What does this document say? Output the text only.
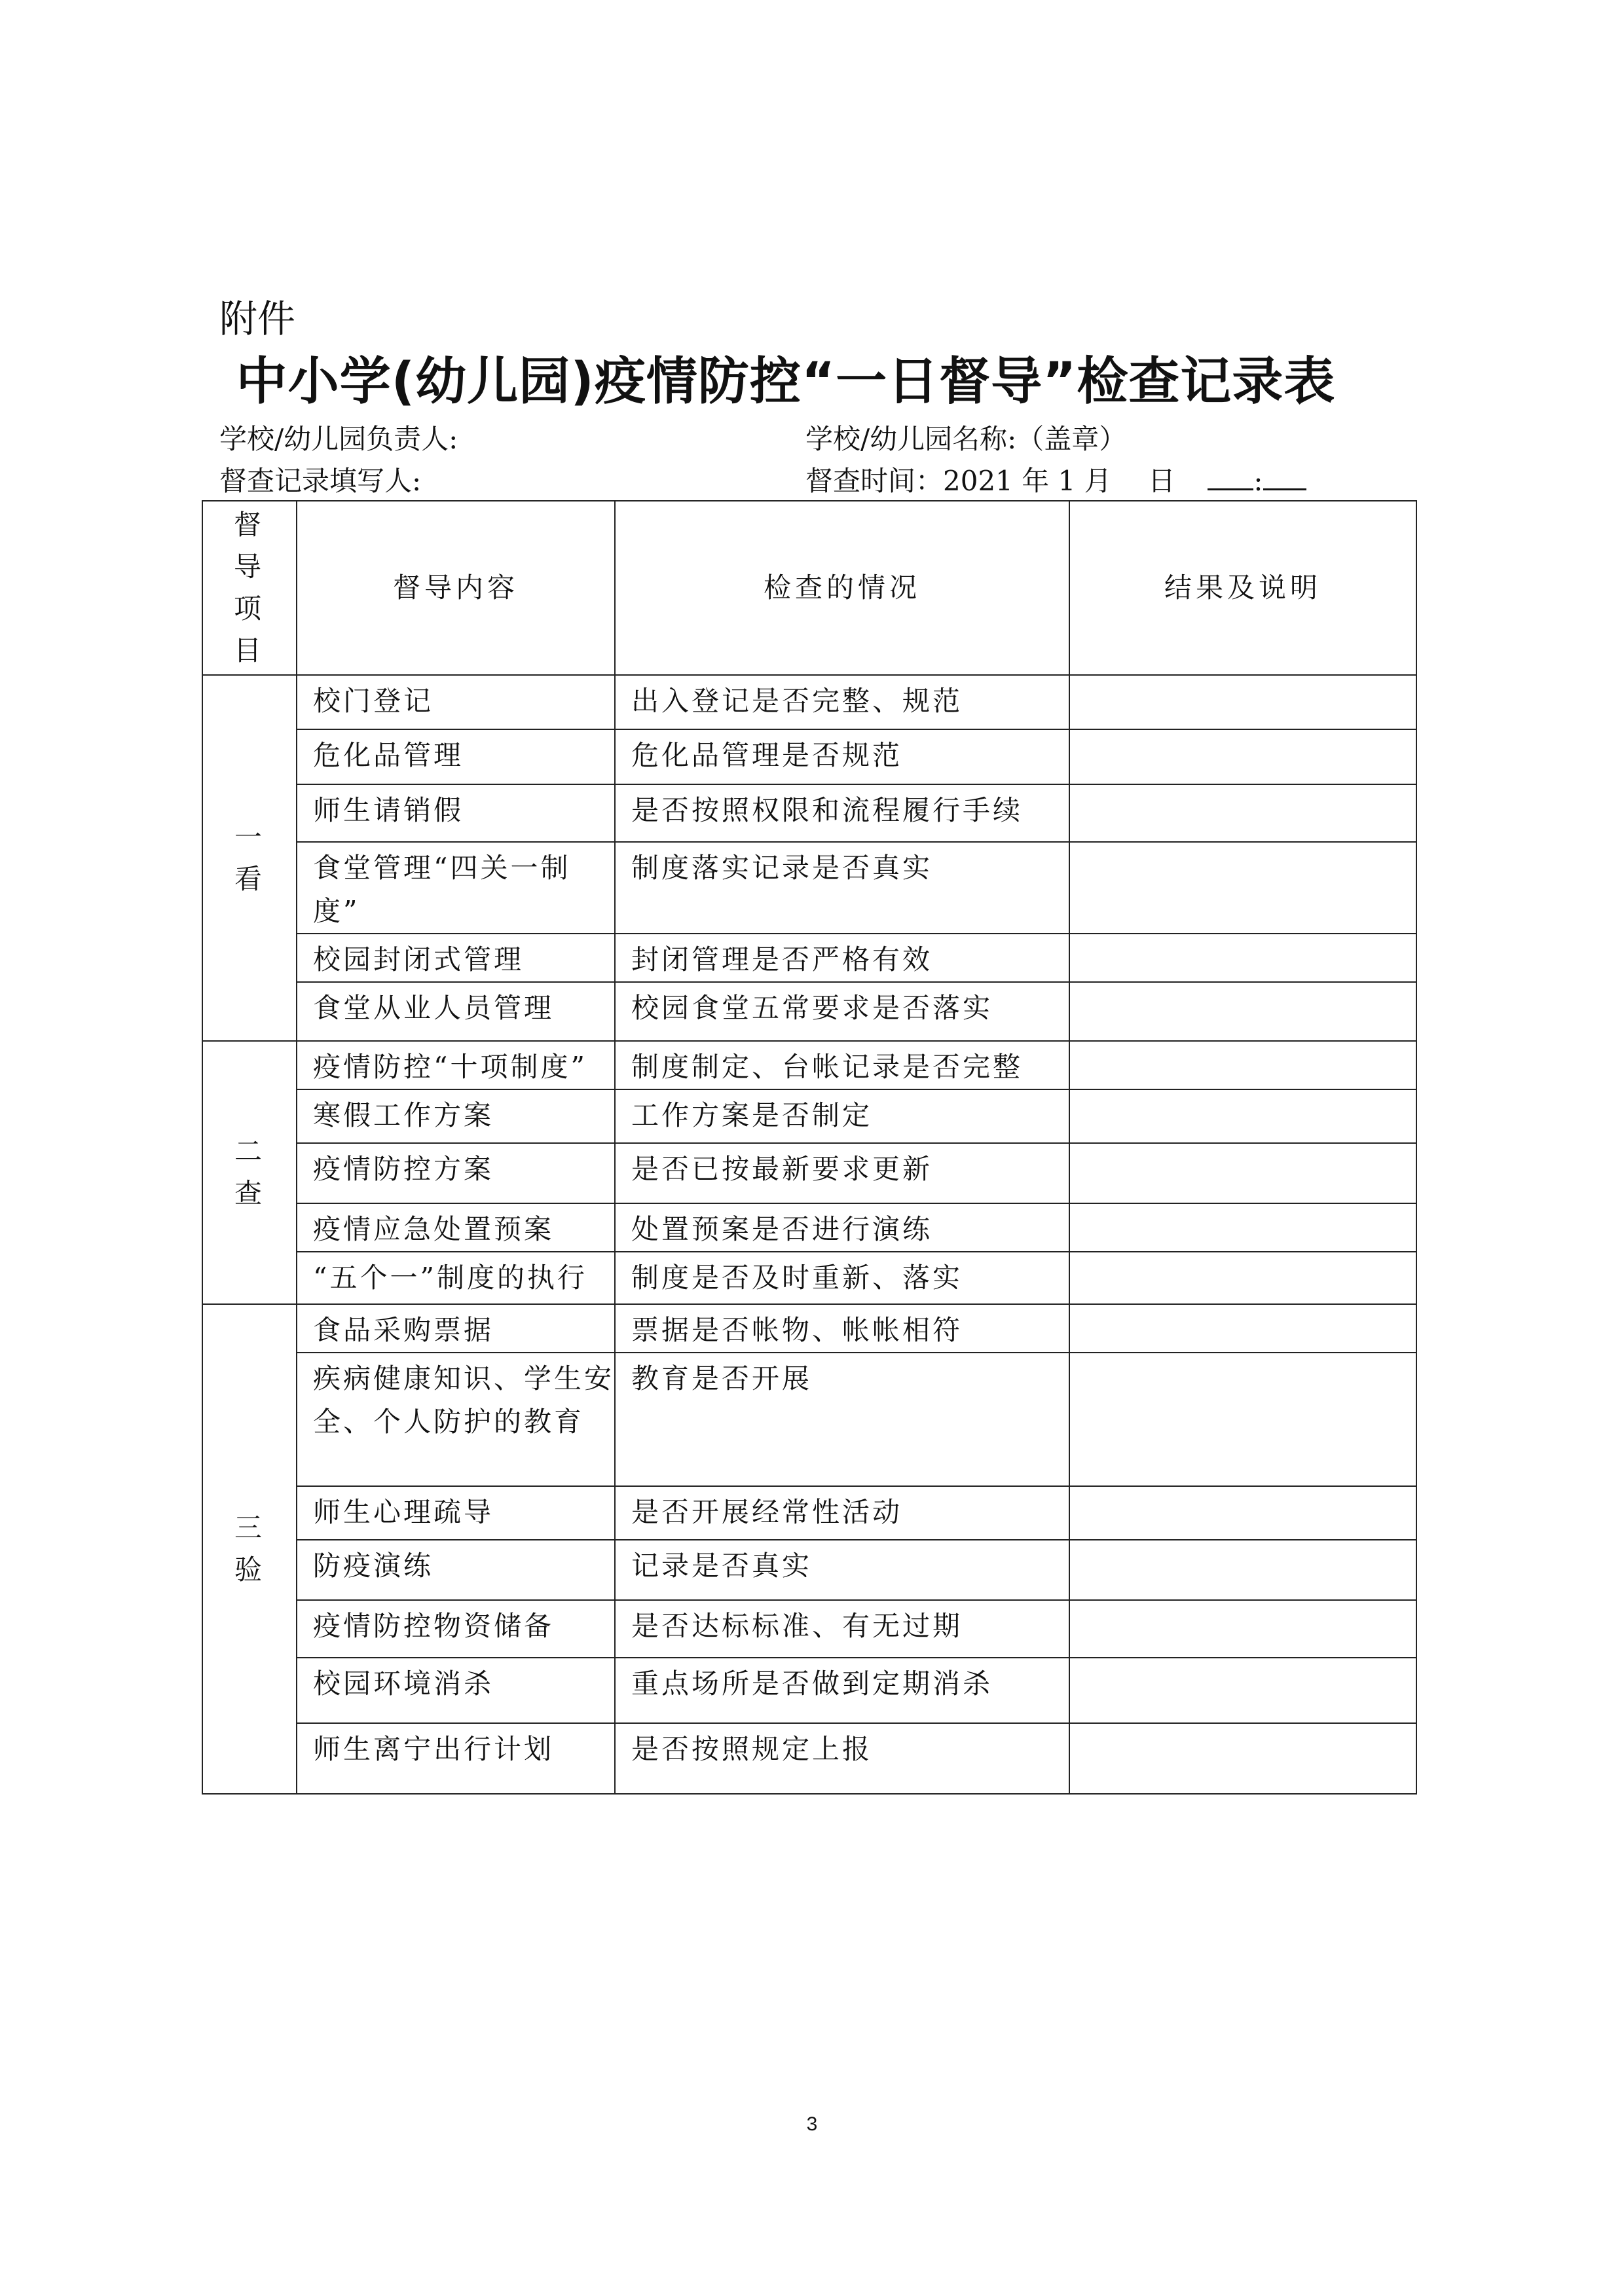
附件
中小学(幼儿园)疫情防控“一日督导”检查记录表
学校/幼儿园负责人:	学校/幼儿园名称:（盖章）
督查记录填写人:	督查时间：2021 年 1 月　 日	:
督
导
项
目	督导内容	检查的情况	结果及说明

一
看	校门登记	出入登记是否完整、规范	
	危化品管理	危化品管理是否规范	
	师生请销假	是否按照权限和流程履行手续	
	食堂管理“四关一制度”	制度落实记录是否真实	
	校园封闭式管理	封闭管理是否严格有效	
	食堂从业人员管理	校园食堂五常要求是否落实	

二
查	疫情防控“十项制度”	制度制定、台帐记录是否完整	
	寒假工作方案	工作方案是否制定	
	疫情防控方案	是否已按最新要求更新	
	疫情应急处置预案	处置预案是否进行演练	
	“五个一”制度的执行	制度是否及时重新、落实	

三
验	食品采购票据	票据是否帐物、帐帐相符	
	疾病健康知识、学生安全、个人防护的教育	教育是否开展	
	师生心理疏导	是否开展经常性活动	
	防疫演练	记录是否真实	
	疫情防控物资储备	是否达标标准、有无过期	
	校园环境消杀	重点场所是否做到定期消杀	
	师生离宁出行计划	是否按照规定上报	
3
